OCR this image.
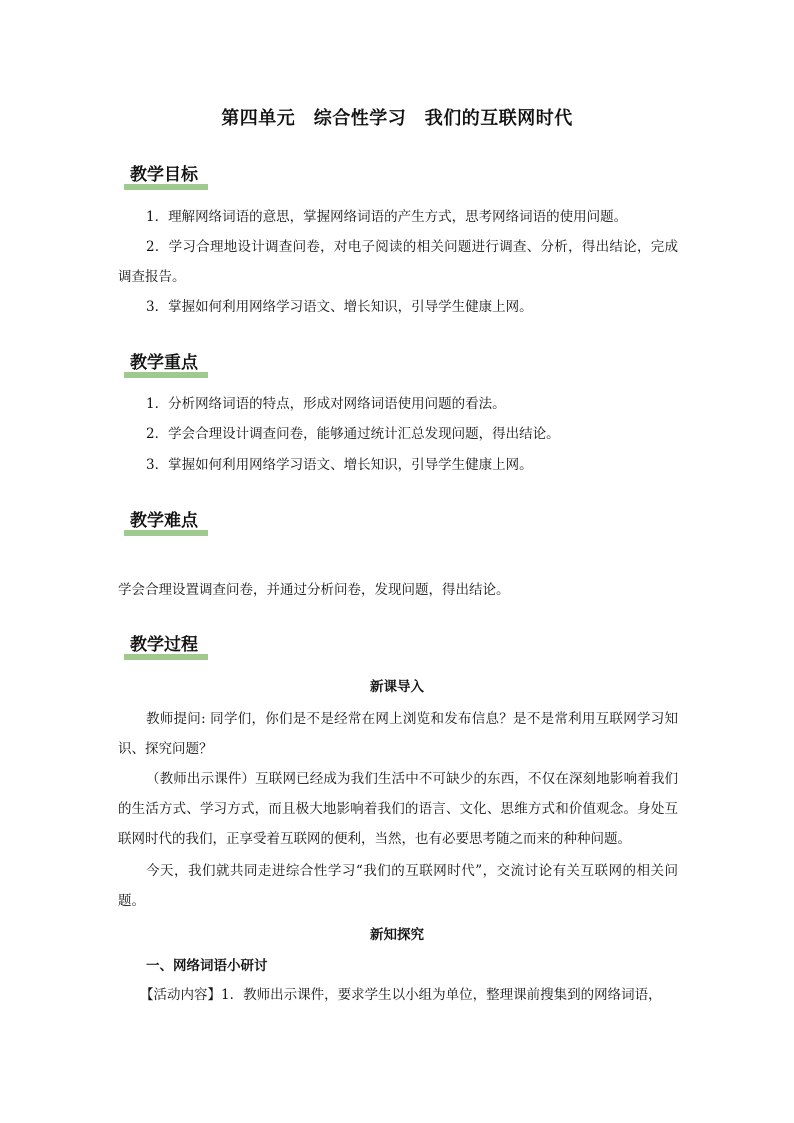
第四单元　综合性学习　我们的互联网时代
教学目标
1．理解网络词语的意思，掌握网络词语的产生方式，思考网络词语的使用问题。
2．学习合理地设计调查问卷，对电子阅读的相关问题进行调查、分析，得出结论，完成调查报告。
3．掌握如何利用网络学习语文、增长知识，引导学生健康上网。
教学重点
1．分析网络词语的特点，形成对网络词语使用问题的看法。
2．学会合理设计调查问卷，能够通过统计汇总发现问题，得出结论。
3．掌握如何利用网络学习语文、增长知识，引导学生健康上网。
教学难点
学会合理设置调查问卷，并通过分析问卷，发现问题，得出结论。
教学过程
新课导入
教师提问: 同学们，你们是不是经常在网上浏览和发布信息？是不是常利用互联网学习知识、探究问题？
（教师出示课件）互联网已经成为我们生活中不可缺少的东西，不仅在深刻地影响着我们的生活方式、学习方式，而且极大地影响着我们的语言、文化、思维方式和价值观念。身处互联网时代的我们，正享受着互联网的便利，当然，也有必要思考随之而来的种种问题。
今天，我们就共同走进综合性学习“我们的互联网时代”，交流讨论有关互联网的相关问题。
新知探究
一、网络词语小研讨
【活动内容】1．教师出示课件，要求学生以小组为单位，整理课前搜集到的网络词语，
